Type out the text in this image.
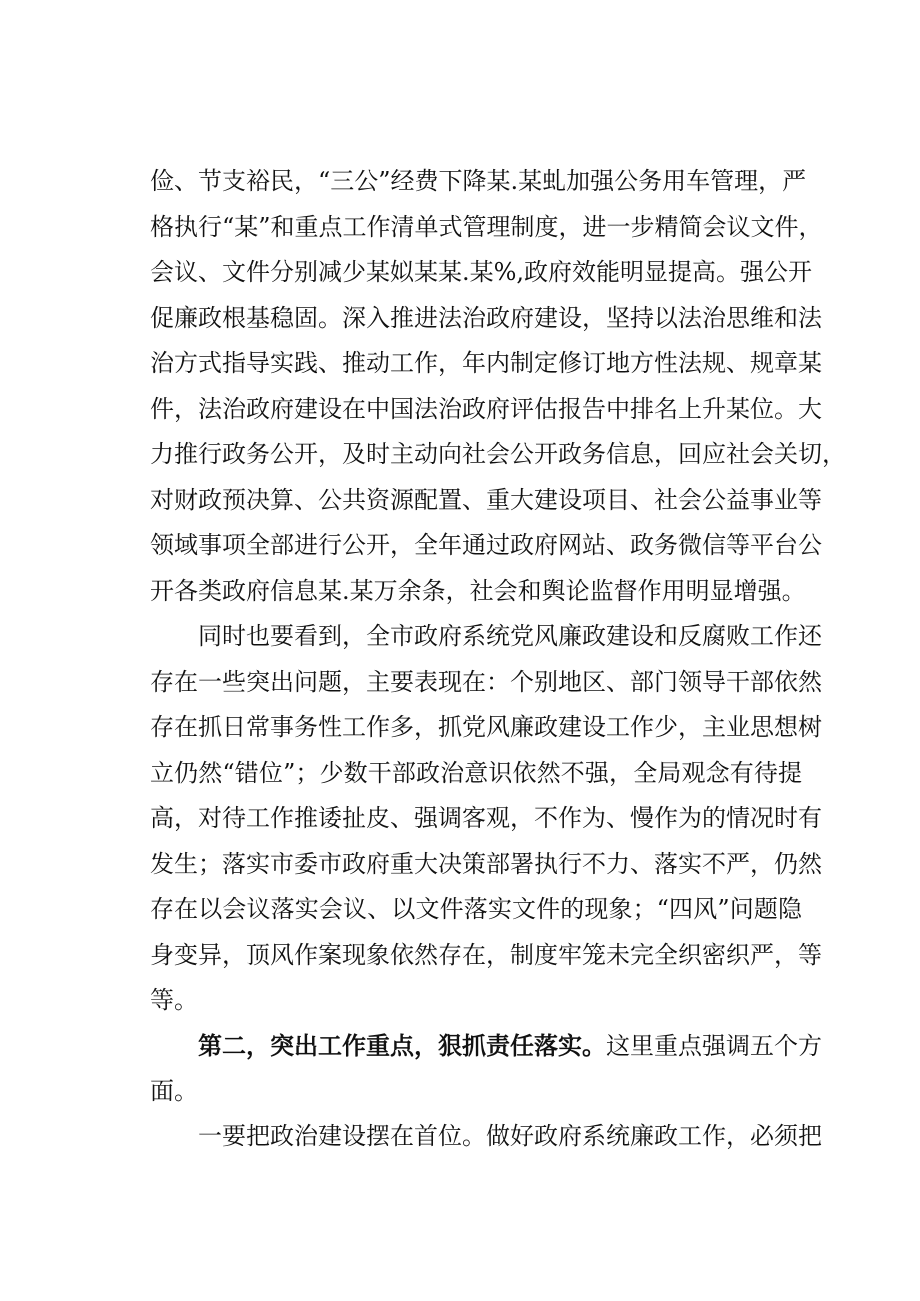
俭、节支裕民，“三公”经费下降某.某虬加强公务用车管理，严
格执行“某”和重点工作清单式管理制度，进一步精简会议文件，
会议、文件分别减少某姒某某.某%,政府效能明显提高。强公开
促廉政根基稳固。深入推进法治政府建设，坚持以法治思维和法
治方式指导实践、推动工作，年内制定修订地方性法规、规章某
件，法治政府建设在中国法治政府评估报告中排名上升某位。大
力推行政务公开，及时主动向社会公开政务信息，回应社会关切，
对财政预决算、公共资源配置、重大建设项目、社会公益事业等
领域事项全部进行公开，全年通过政府网站、政务微信等平台公
开各类政府信息某.某万余条，社会和舆论监督作用明显增强。
同时也要看到，全市政府系统党风廉政建设和反腐败工作还
存在一些突出问题，主要表现在：个别地区、部门领导干部依然
存在抓日常事务性工作多，抓党风廉政建设工作少，主业思想树
立仍然“错位”；少数干部政治意识依然不强，全局观念有待提
高，对待工作推诿扯皮、强调客观，不作为、慢作为的情况时有
发生；落实市委市政府重大决策部署执行不力、落实不严，仍然
存在以会议落实会议、以文件落实文件的现象；“四风”问题隐
身变异，顶风作案现象依然存在，制度牢笼未完全织密织严，等
等。
第二，突出工作重点，狠抓责任落实。这里重点强调五个方
面。
一要把政治建设摆在首位。做好政府系统廉政工作，必须把
